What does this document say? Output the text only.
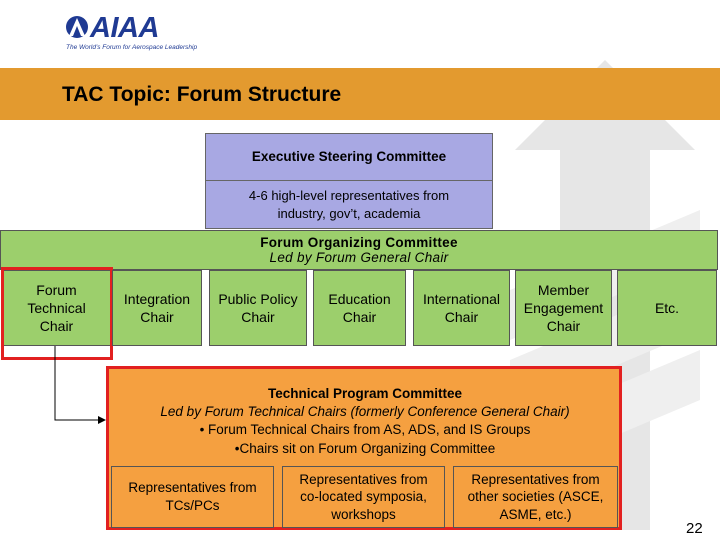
AIAA
The World's Forum for Aerospace Leadership
TAC Topic: Forum Structure
Executive Steering Committee
4-6 high-level representatives from
industry, gov’t, academia
Forum Organizing Committee
Led by Forum General Chair
Forum
Technical
Chair
Integration
Chair
Public Policy
Chair
Education
Chair
International
Chair
Member
Engagement
Chair
Etc.
Technical Program Committee
Led by Forum Technical Chairs (formerly Conference General Chair)
• Forum Technical Chairs from AS, ADS, and IS Groups
•Chairs sit on Forum Organizing Committee
Representatives from
TCs/PCs
Representatives from
co-located symposia,
workshops
Representatives from
other societies (ASCE,
ASME, etc.)
22
